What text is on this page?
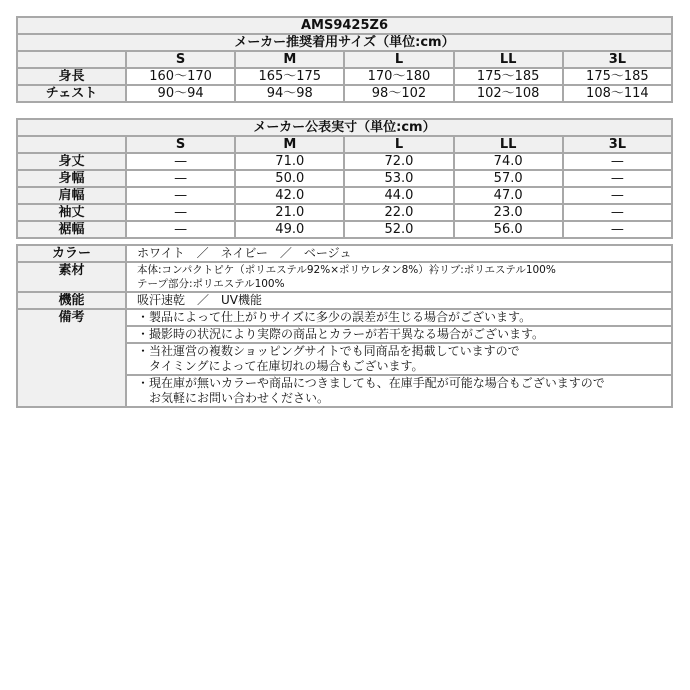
AMS9425Z6					
メーカー推奨着用サイズ（単位:cm）					
	S	M	L	LL	3L
身長	160～170	165～175	170～180	175～185	175～185
チェスト	90～94	94～98	98～102	102～108	108～114
メーカー公表実寸（単位:cm）					
	S	M	L	LL	3L
身丈	—	71.0	72.0	74.0	—
身幅	—	50.0	53.0	57.0	—
肩幅	—	42.0	44.0	47.0	—
袖丈	—	21.0	22.0	23.0	—
裾幅	—	49.0	52.0	56.0	—
カラー	ホワイト　／　ネイビー　／　ベージュ
素材	本体:コンパクトピケ（ポリエステル92%×ポリウレタン8%）衿リブ:ポリエステル100%
テープ部分:ポリエステル100%

機能	吸汗速乾　／　UV機能
備考	・製品によって仕上がりサイズに多少の誤差が生じる場合がございます。

	・撮影時の状況により実際の商品とカラーが若干異なる場合がございます。

	・当社運営の複数ショッピングサイトでも同商品を掲載していますので
　タイミングによって在庫切れの場合もございます。

	・現在庫が無いカラーや商品につきましても、在庫手配が可能な場合もございますので
　お気軽にお問い合わせください。
